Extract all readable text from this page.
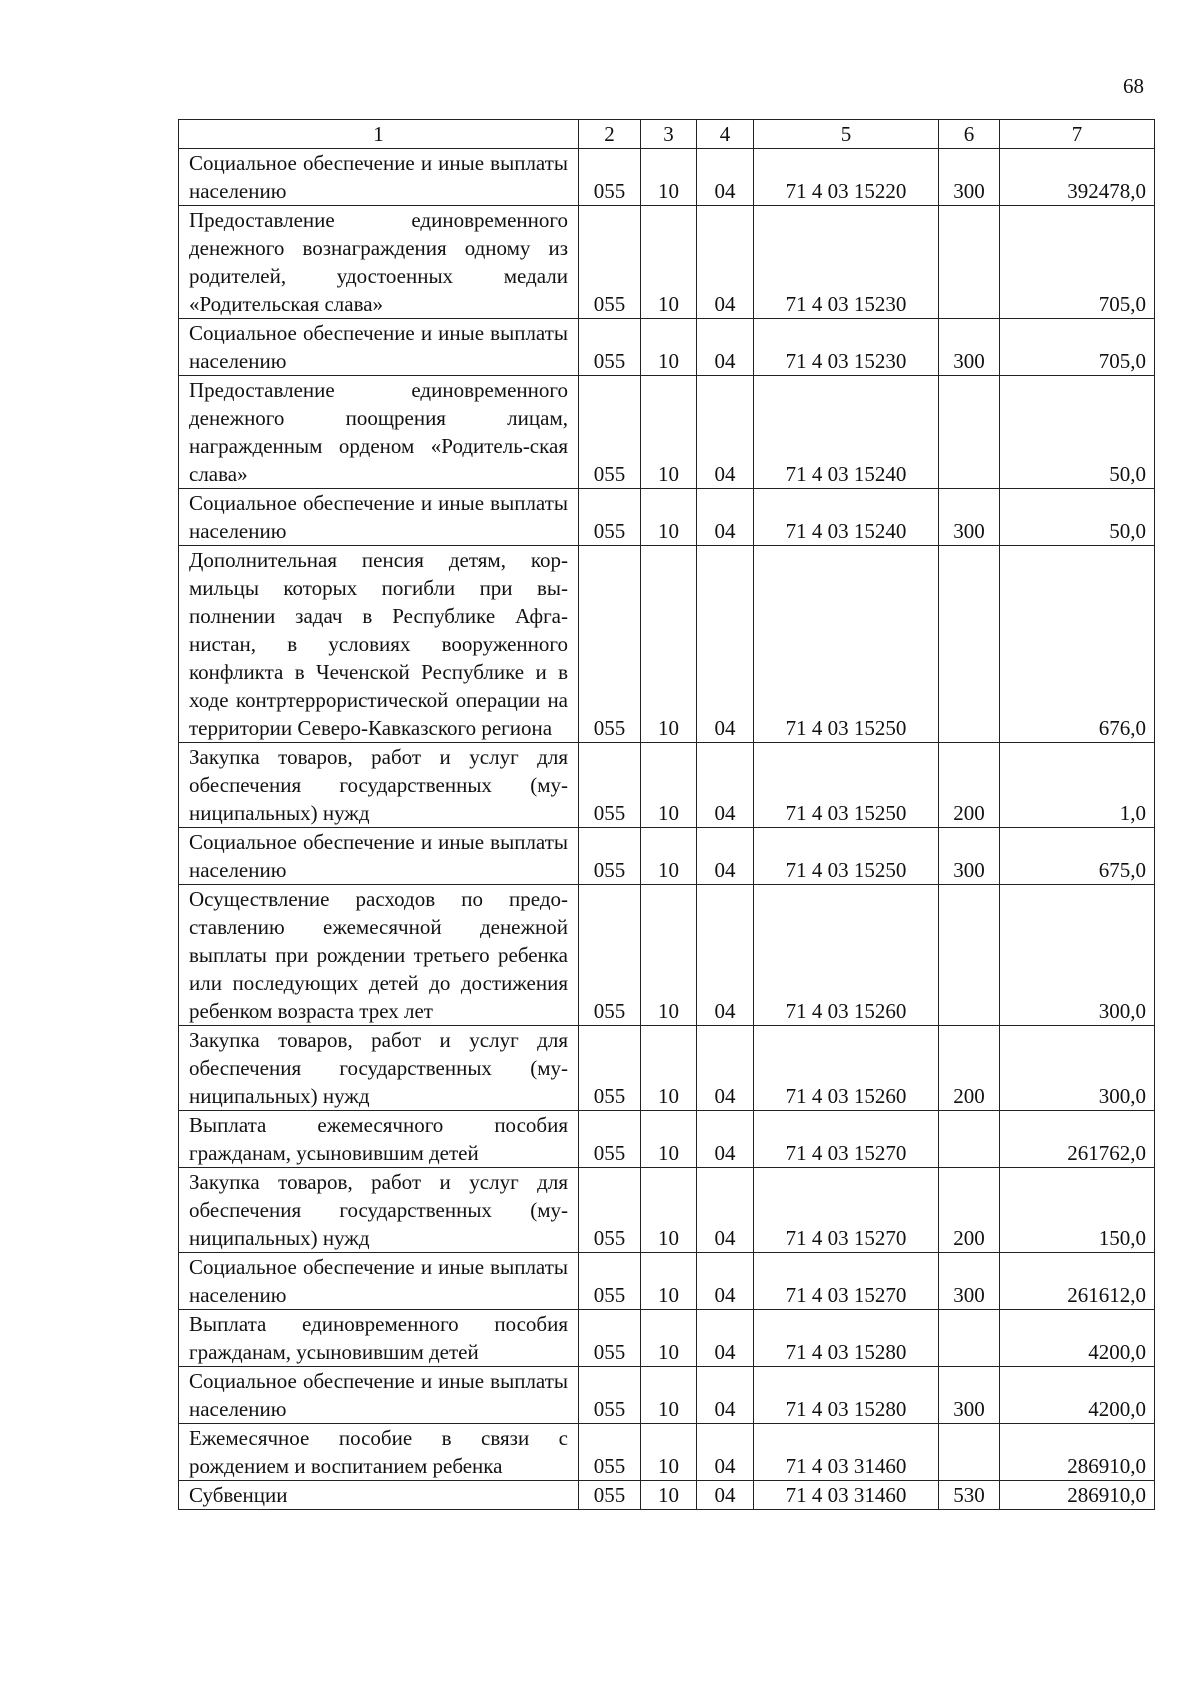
68
1	2	3	4	5	6	7
Социальное обеспечение и иные выплаты населению	055	10	04	71 4 03 15220	300	392478,0
Предоставление единовременного денежного вознаграждения одному из родителей, удостоенных медали «Родительская слава»	055	10	04	71 4 03 15230		705,0
Социальное обеспечение и иные выплаты населению	055	10	04	71 4 03 15230	300	705,0
Предоставление единовременного денежного поощрения лицам, награжденным орденом «Родитель-ская слава»	055	10	04	71 4 03 15240		50,0
Социальное обеспечение и иные выплаты населению	055	10	04	71 4 03 15240	300	50,0
Дополнительная пенсия детям, кор-мильцы которых погибли при вы-полнении задач в Республике Афга-нистан, в условиях вооруженного конфликта в Чеченской Республике и в ходе контртеррористической операции на территории Северо-Кавказского региона	055	10	04	71 4 03 15250		676,0
Закупка товаров, работ и услуг для обеспечения государственных (му-ниципальных) нужд	055	10	04	71 4 03 15250	200	1,0
Социальное обеспечение и иные выплаты населению	055	10	04	71 4 03 15250	300	675,0
Осуществление расходов по предо-ставлению ежемесячной денежной выплаты при рождении третьего ребенка или последующих детей до достижения ребенком возраста трех лет	055	10	04	71 4 03 15260		300,0
Закупка товаров, работ и услуг для обеспечения государственных (му-ниципальных) нужд	055	10	04	71 4 03 15260	200	300,0
Выплата ежемесячного пособия гражданам, усыновившим детей	055	10	04	71 4 03 15270		261762,0
Закупка товаров, работ и услуг для обеспечения государственных (му-ниципальных) нужд	055	10	04	71 4 03 15270	200	150,0
Социальное обеспечение и иные выплаты населению	055	10	04	71 4 03 15270	300	261612,0
Выплата единовременного пособия гражданам, усыновившим детей	055	10	04	71 4 03 15280		4200,0
Социальное обеспечение и иные выплаты населению	055	10	04	71 4 03 15280	300	4200,0
Ежемесячное пособие в связи с рождением и воспитанием ребенка	055	10	04	71 4 03 31460		286910,0
Субвенции	055	10	04	71 4 03 31460	530	286910,0
